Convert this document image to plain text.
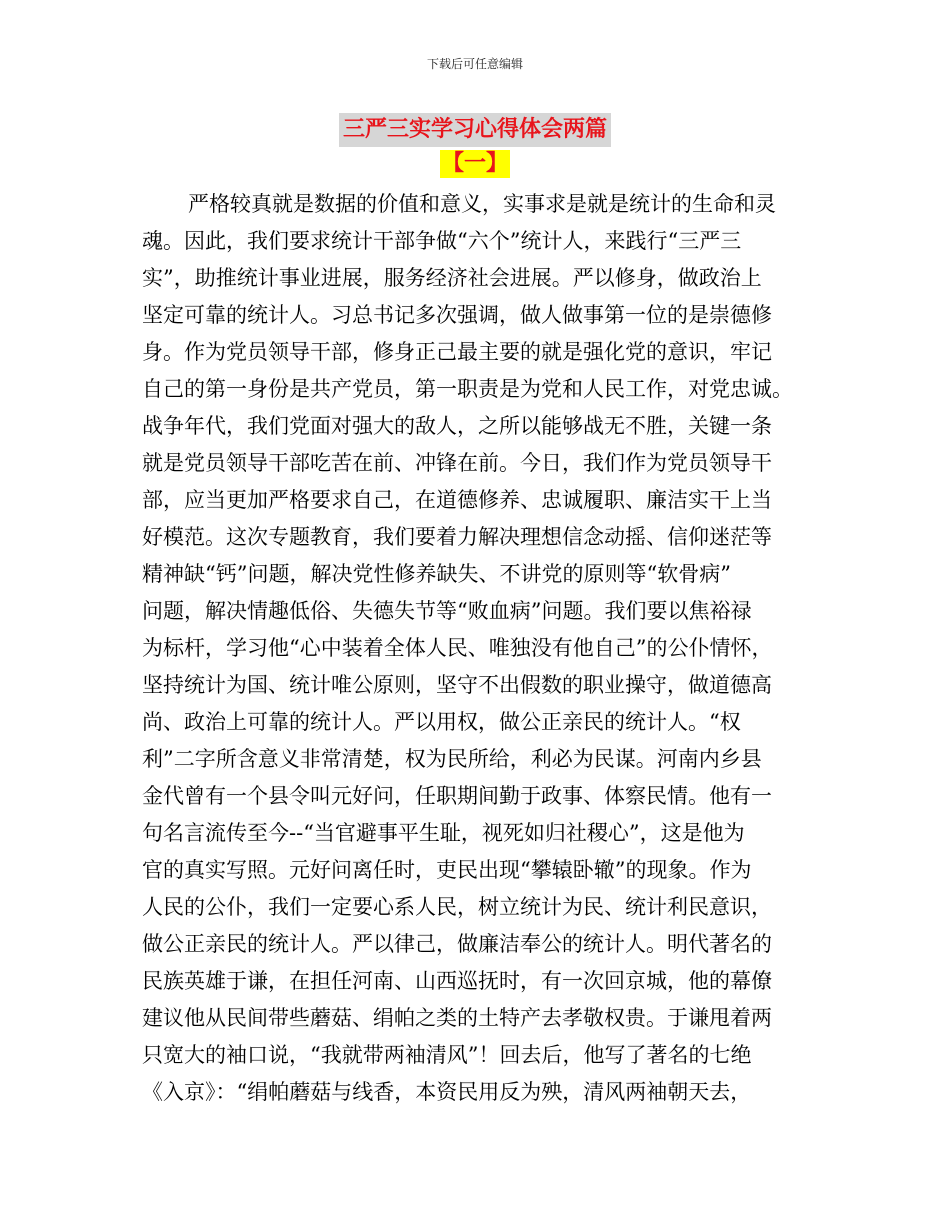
下载后可任意编辑
三严三实学习心得体会两篇
【一】
严格较真就是数据的价值和意义，实事求是就是统计的生命和灵
魂。因此，我们要求统计干部争做“六个”统计人，来践行“三严三
实”，助推统计事业进展，服务经济社会进展。严以修身，做政治上
坚定可靠的统计人。习总书记多次强调，做人做事第一位的是崇德修
身。作为党员领导干部，修身正己最主要的就是强化党的意识，牢记
自己的第一身份是共产党员，第一职责是为党和人民工作，对党忠诚。
战争年代，我们党面对强大的敌人，之所以能够战无不胜，关键一条
就是党员领导干部吃苦在前、冲锋在前。今日，我们作为党员领导干
部，应当更加严格要求自己，在道德修养、忠诚履职、廉洁实干上当
好模范。这次专题教育，我们要着力解决理想信念动摇、信仰迷茫等
精神缺“钙”问题，解决党性修养缺失、不讲党的原则等“软骨病”
问题，解决情趣低俗、失德失节等“败血病”问题。我们要以焦裕禄
为标杆，学习他“心中装着全体人民、唯独没有他自己”的公仆情怀，
坚持统计为国、统计唯公原则，坚守不出假数的职业操守，做道德高
尚、政治上可靠的统计人。严以用权，做公正亲民的统计人。“权
利”二字所含意义非常清楚，权为民所给，利必为民谋。河南内乡县
金代曾有一个县令叫元好问，任职期间勤于政事、体察民情。他有一
句名言流传至今--“当官避事平生耻，视死如归社稷心”，这是他为
官的真实写照。元好问离任时，吏民出现“攀辕卧辙”的现象。作为
人民的公仆，我们一定要心系人民，树立统计为民、统计利民意识，
做公正亲民的统计人。严以律己，做廉洁奉公的统计人。明代著名的
民族英雄于谦，在担任河南、山西巡抚时，有一次回京城，他的幕僚
建议他从民间带些蘑菇、绢帕之类的土特产去孝敬权贵。于谦甩着两
只宽大的袖口说，“我就带两袖清风”！回去后，他写了著名的七绝
《入京》：“绢帕蘑菇与线香，本资民用反为殃，清风两袖朝天去，
